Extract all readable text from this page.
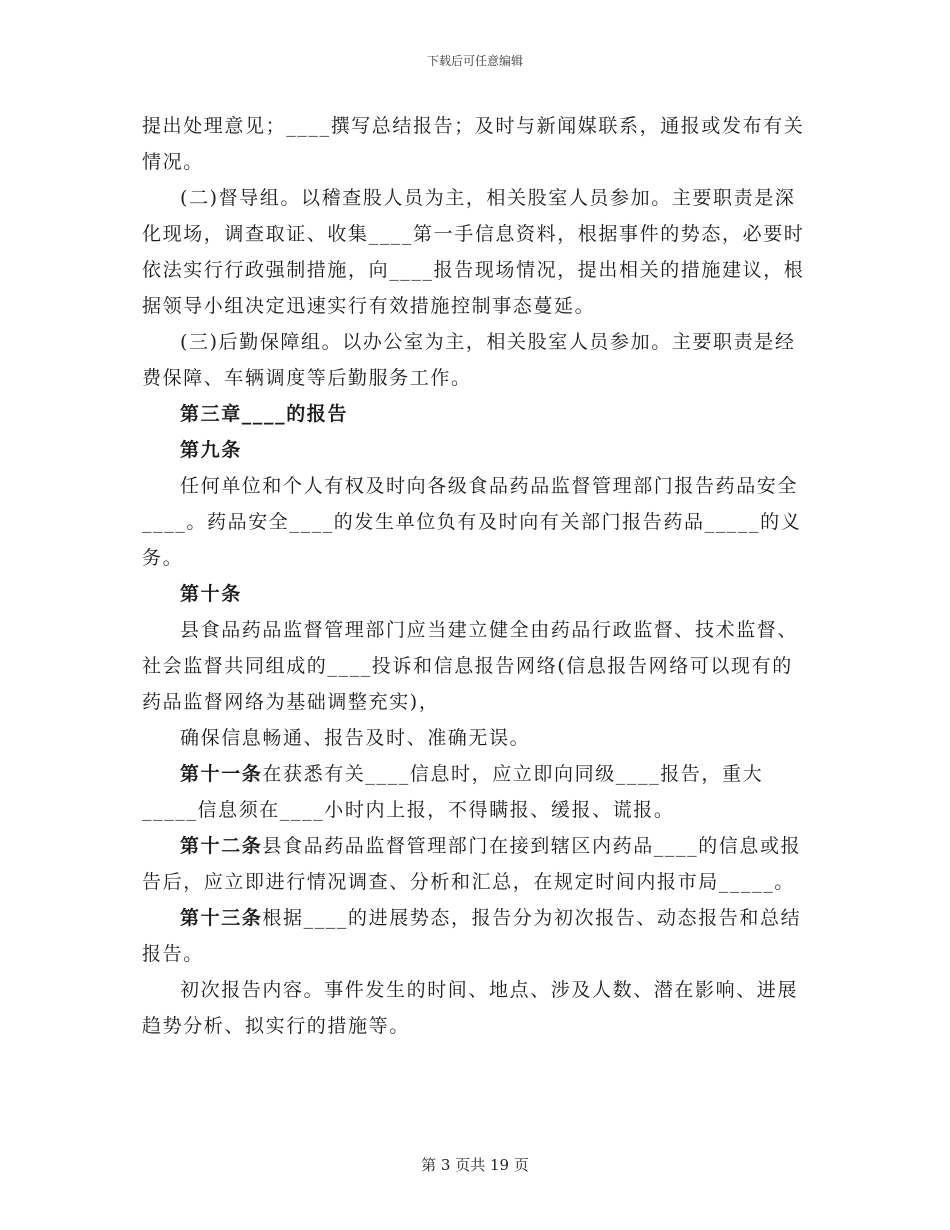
下载后可任意编辑

提出处理意见；____撰写总结报告；及时与新闻媒联系，通报或发布有关情况。

(二)督导组。以稽查股人员为主，相关股室人员参加。主要职责是深化现场，调查取证、收集____第一手信息资料，根据事件的势态，必要时依法实行行政强制措施，向____报告现场情况，提出相关的措施建议，根据领导小组决定迅速实行有效措施控制事态蔓延。

(三)后勤保障组。以办公室为主，相关股室人员参加。主要职责是经费保障、车辆调度等后勤服务工作。

第三章____的报告

第九条

任何单位和个人有权及时向各级食品药品监督管理部门报告药品安全____。药品安全____的发生单位负有及时向有关部门报告药品_____的义务。

第十条

县食品药品监督管理部门应当建立健全由药品行政监督、技术监督、社会监督共同组成的____投诉和信息报告网络(信息报告网络可以现有的药品监督网络为基础调整充实)，

确保信息畅通、报告及时、准确无误。

第十一条在获悉有关____信息时，应立即向同级____报告，重大_____信息须在____小时内上报，不得瞒报、缓报、谎报。

第十二条县食品药品监督管理部门在接到辖区内药品____的信息或报告后，应立即进行情况调查、分析和汇总，在规定时间内报市局_____。

第十三条根据____的进展势态，报告分为初次报告、动态报告和总结报告。

初次报告内容。事件发生的时间、地点、涉及人数、潜在影响、进展趋势分析、拟实行的措施等。

第 3 页共 19 页
